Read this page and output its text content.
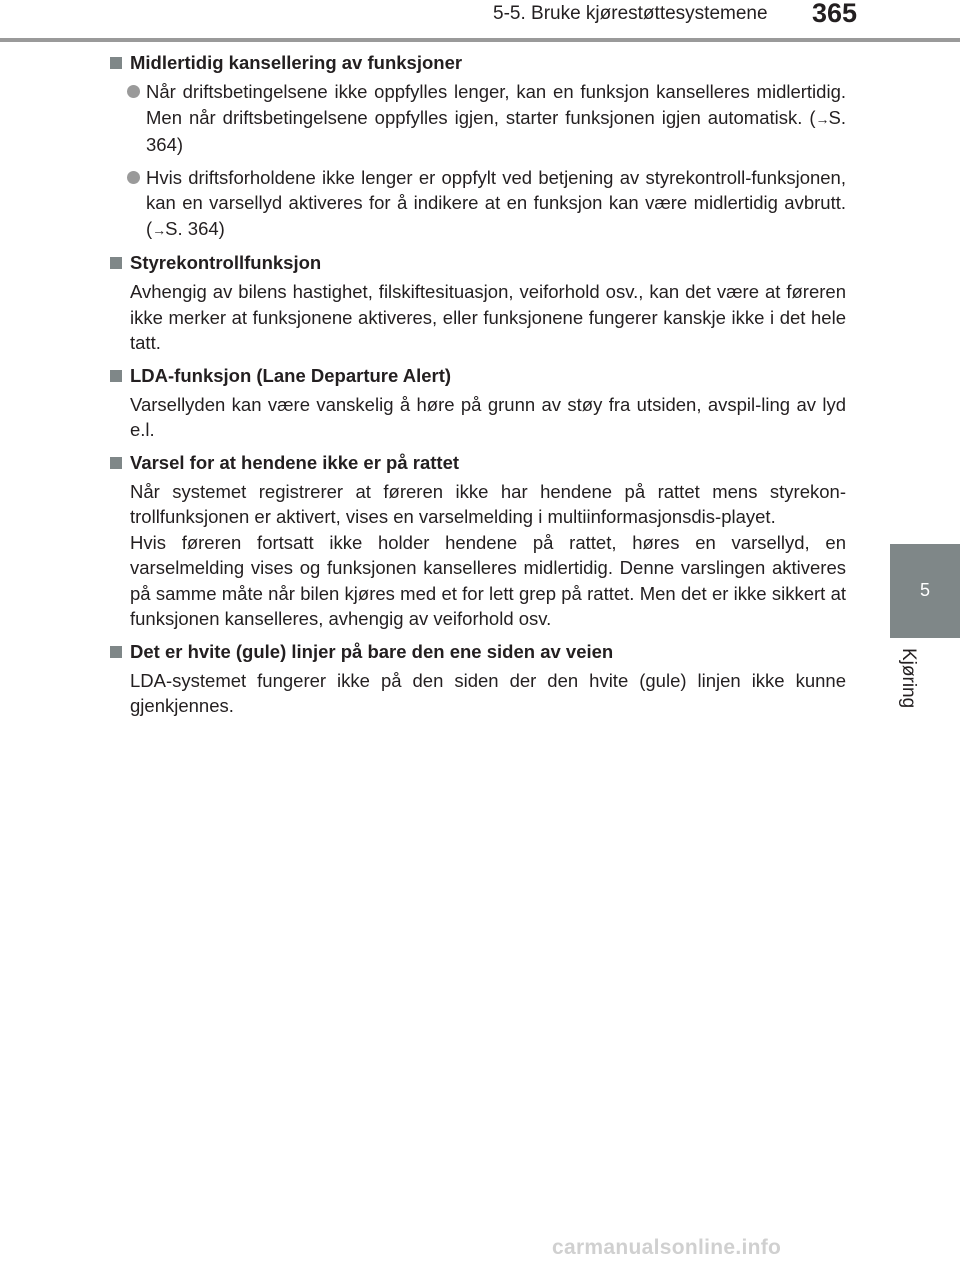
5-5. Bruke kjørestøttesystemene 365
5
Kjøring
Midlertidig kansellering av funksjoner
Når driftsbetingelsene ikke oppfylles lenger, kan en funksjon kanselleres midlertidig. Men når driftsbetingelsene oppfylles igjen, starter funksjonen igjen automatisk. (→S. 364)
Hvis driftsforholdene ikke lenger er oppfylt ved betjening av styrekontroll-funksjonen, kan en varsellyd aktiveres for å indikere at en funksjon kan være midlertidig avbrutt. (→S. 364)
Styrekontrollfunksjon
Avhengig av bilens hastighet, filskiftesituasjon, veiforhold osv., kan det være at føreren ikke merker at funksjonene aktiveres, eller funksjonene fungerer kanskje ikke i det hele tatt.
LDA-funksjon (Lane Departure Alert)
Varsellyden kan være vanskelig å høre på grunn av støy fra utsiden, avspil-ling av lyd e.l.
Varsel for at hendene ikke er på rattet
Når systemet registrerer at føreren ikke har hendene på rattet mens styrekon-trollfunksjonen er aktivert, vises en varselmelding i multiinformasjonsdis-playet.
Hvis føreren fortsatt ikke holder hendene på rattet, høres en varsellyd, en varselmelding vises og funksjonen kanselleres midlertidig. Denne varslingen aktiveres på samme måte når bilen kjøres med et for lett grep på rattet. Men det er ikke sikkert at funksjonen kanselleres, avhengig av veiforhold osv.
Det er hvite (gule) linjer på bare den ene siden av veien
LDA-systemet fungerer ikke på den siden der den hvite (gule) linjen ikke kunne gjenkjennes.
carmanualsonline.info
